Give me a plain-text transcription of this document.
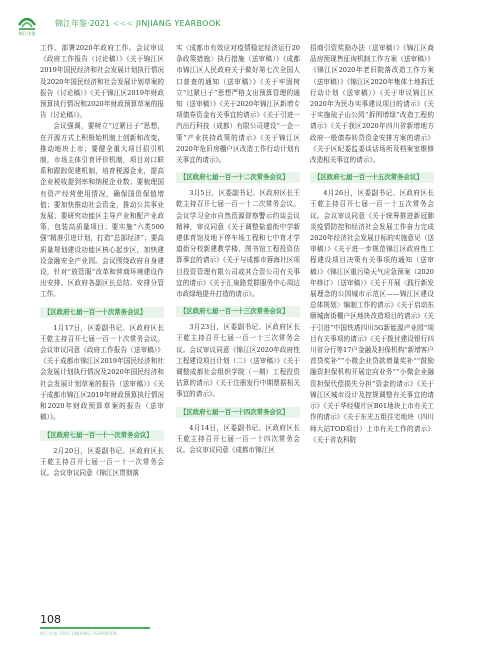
锦江年鉴
锦江年鉴·2021 <<< JINJIANG YEARBOOK

工作、部署2020年政府工作。会议审议《政府工作报告（讨论稿）》《关于锦江区2019年国民经济和社会发展计划执行情况及2020年国民经济和社会发展计划草案的报告（讨论稿）》《关于锦江区2019年财政预算执行情况和2020年财政预算草案的报告（讨论稿）》。

会议强调，要树立“过紧日子”思想，在开源方式上积极始机制上创新和改变，推动地块上市；要健全重大项目招引机制，市场主体引育评价机制，项目对口联系和跟踪促建机制，培育税源企业，提高企业税收提到率和纳税企业数；要梳理国有资产经营使用情况，确保国资保值增值；要加快推动社会资金，推动公共事业发展；要研究功能区主导产业和配产业政策，包装高质量项目；要实施“六类500强”精准引进计划，打造“总部经济”；要高质量规划建设功能区核心起步区，加快建设金融安全产业园。会议围绕政府自身建设，针对“放管服”改革和营商环境建设作出安排。区政府各副区长总结、安排分管工作。

【区政府七届一百一十次常务会议】

1月17日，区委副书记、区政府区长王乾主持召开七届一百一十次常务会议。会议审议同意《政府工作报告（送审稿）》《关于成都市锦江区2019年国民经济和社会发展计划执行情况及2020年国民经济和社会发展计划草案的报告（送审稿）》《关于成都市锦江区2019年财政预算执行情况和2020年财政预算草案的报告（送审稿）》。

【区政府七届一百一十一次常务会议】

2月20日，区委副书记、区政府区长王乾主持召开七届一百一十一次常务会议。会议审议同意《锦江区贯彻落

实〈成都市有效应对疫情稳定经济运行20条政策措施〉执行措施（送审稿）》《成都市锦江区人民政府关于做好第七次全国人口普查的通知（送审稿）》《关于牢固树立“过紧日子”思想严格支出预算管理的通知（送审稿）》《关于2020年锦江区新增专项债券资金有关事宜的请示》《关于引进一汽出行科技（成都）有限公司建设“一企一策”产业扶持政策的请示》《关于锦江区2020年危旧房棚户区改造工作行动计划有关事宜的请示》。

【区政府七届一百一十二次常务会议】

3月5日，区委副书记、区政府区长王乾主持召开七届一百一十二次常务会议。会议学习全市自然资源督察警示约谈会议精神，审议同意《关于调整盐道街中学新建体育馆及地下停车场工程和七中育才学道街分校新建教学楼、图书馆工程投资估算事宜的请示》《关于与成都市蓉海社区项目投资管理有限公司或其合资公司有关事宜的请示》《关于汇泉路党群服务中心周边市政绿地提升打造的请示》。

【区政府七届一百一十三次常务会议】

3月23日，区委副书记、区政府区长王乾主持召开七届一百一十三次常务会议。会议审议同意《锦江区2020年政府性工程建设项目计划（二）（送审稿）》《关于调整成都社会组织学院（一期）工程投资估算的请示》《关于注册发行中期票据相关事宜的请示》。

【区政府七届一百一十四次常务会议】

4月14日，区委副书记、区政府区长王乾主持召开七届一百一十四次常务会议。会议审议同意《成都市锦江区

招商引资奖励办法（送审稿）》《锦江区商品房预现售征询机制工作方案（送审稿）》《锦江区2020年老旧院落改造工作方案（送审稿）》《锦江区2020年集体土地拆迁行动计划（送审稿）》《关于审议锦江区2020年为民办实事建议项目的请示》《关于实施琉子山公园“拆围增绿”改造工程的请示》《关于我区2020年四川省新增地方政府一般债券转贷资金安排方案的请示》《关于区纪委监委谈话场所及档案室维修改造相关事宜的请示》。

【区政府七届一百一十五次常务会议】

4月26日，区委副书记、区政府区长王乾主持召开七届一百一十五次常务会议。会议审议同意《关于统筹推进新冠肺炎疫情防控和经济社会发展工作奋力完成2020年经济社会发展目标的实施意见（送审稿）》《关于进一步规范锦江区政府性工程建设项目决策有关事项的通知（送审稿）》《锦江区重污染天气应急预案（2020年修订）（送审稿）》《关于开展〈践行新发展理念的公园城市示范区——锦江区建设总体规划〉编制工作的请示》《关于启动东顺城南街棚户区地块改造项目的请示》《关于引进“中国铁塔四川5G新能源产业园”项目有关事项的请示》《关于拨付建设银行四川省分行等17户金融及担保机构“新增客户首贷奖补”“小微企业贷款增量奖补”“鼓励融资担保机构开展定向业务”“小微企业融资担保代偿损失分担”资金的请示》《关于锦江区城市设计及控规调整有关事宜的请示》《关于华经楼片区B01地块上市有关工作的请示》《关于东光五组住宅地块（四川师大站TOD项目）上市有关工作的请示》《关于省农科院

108
锦江年鉴 2021 JINJIANG YEARBOOK
